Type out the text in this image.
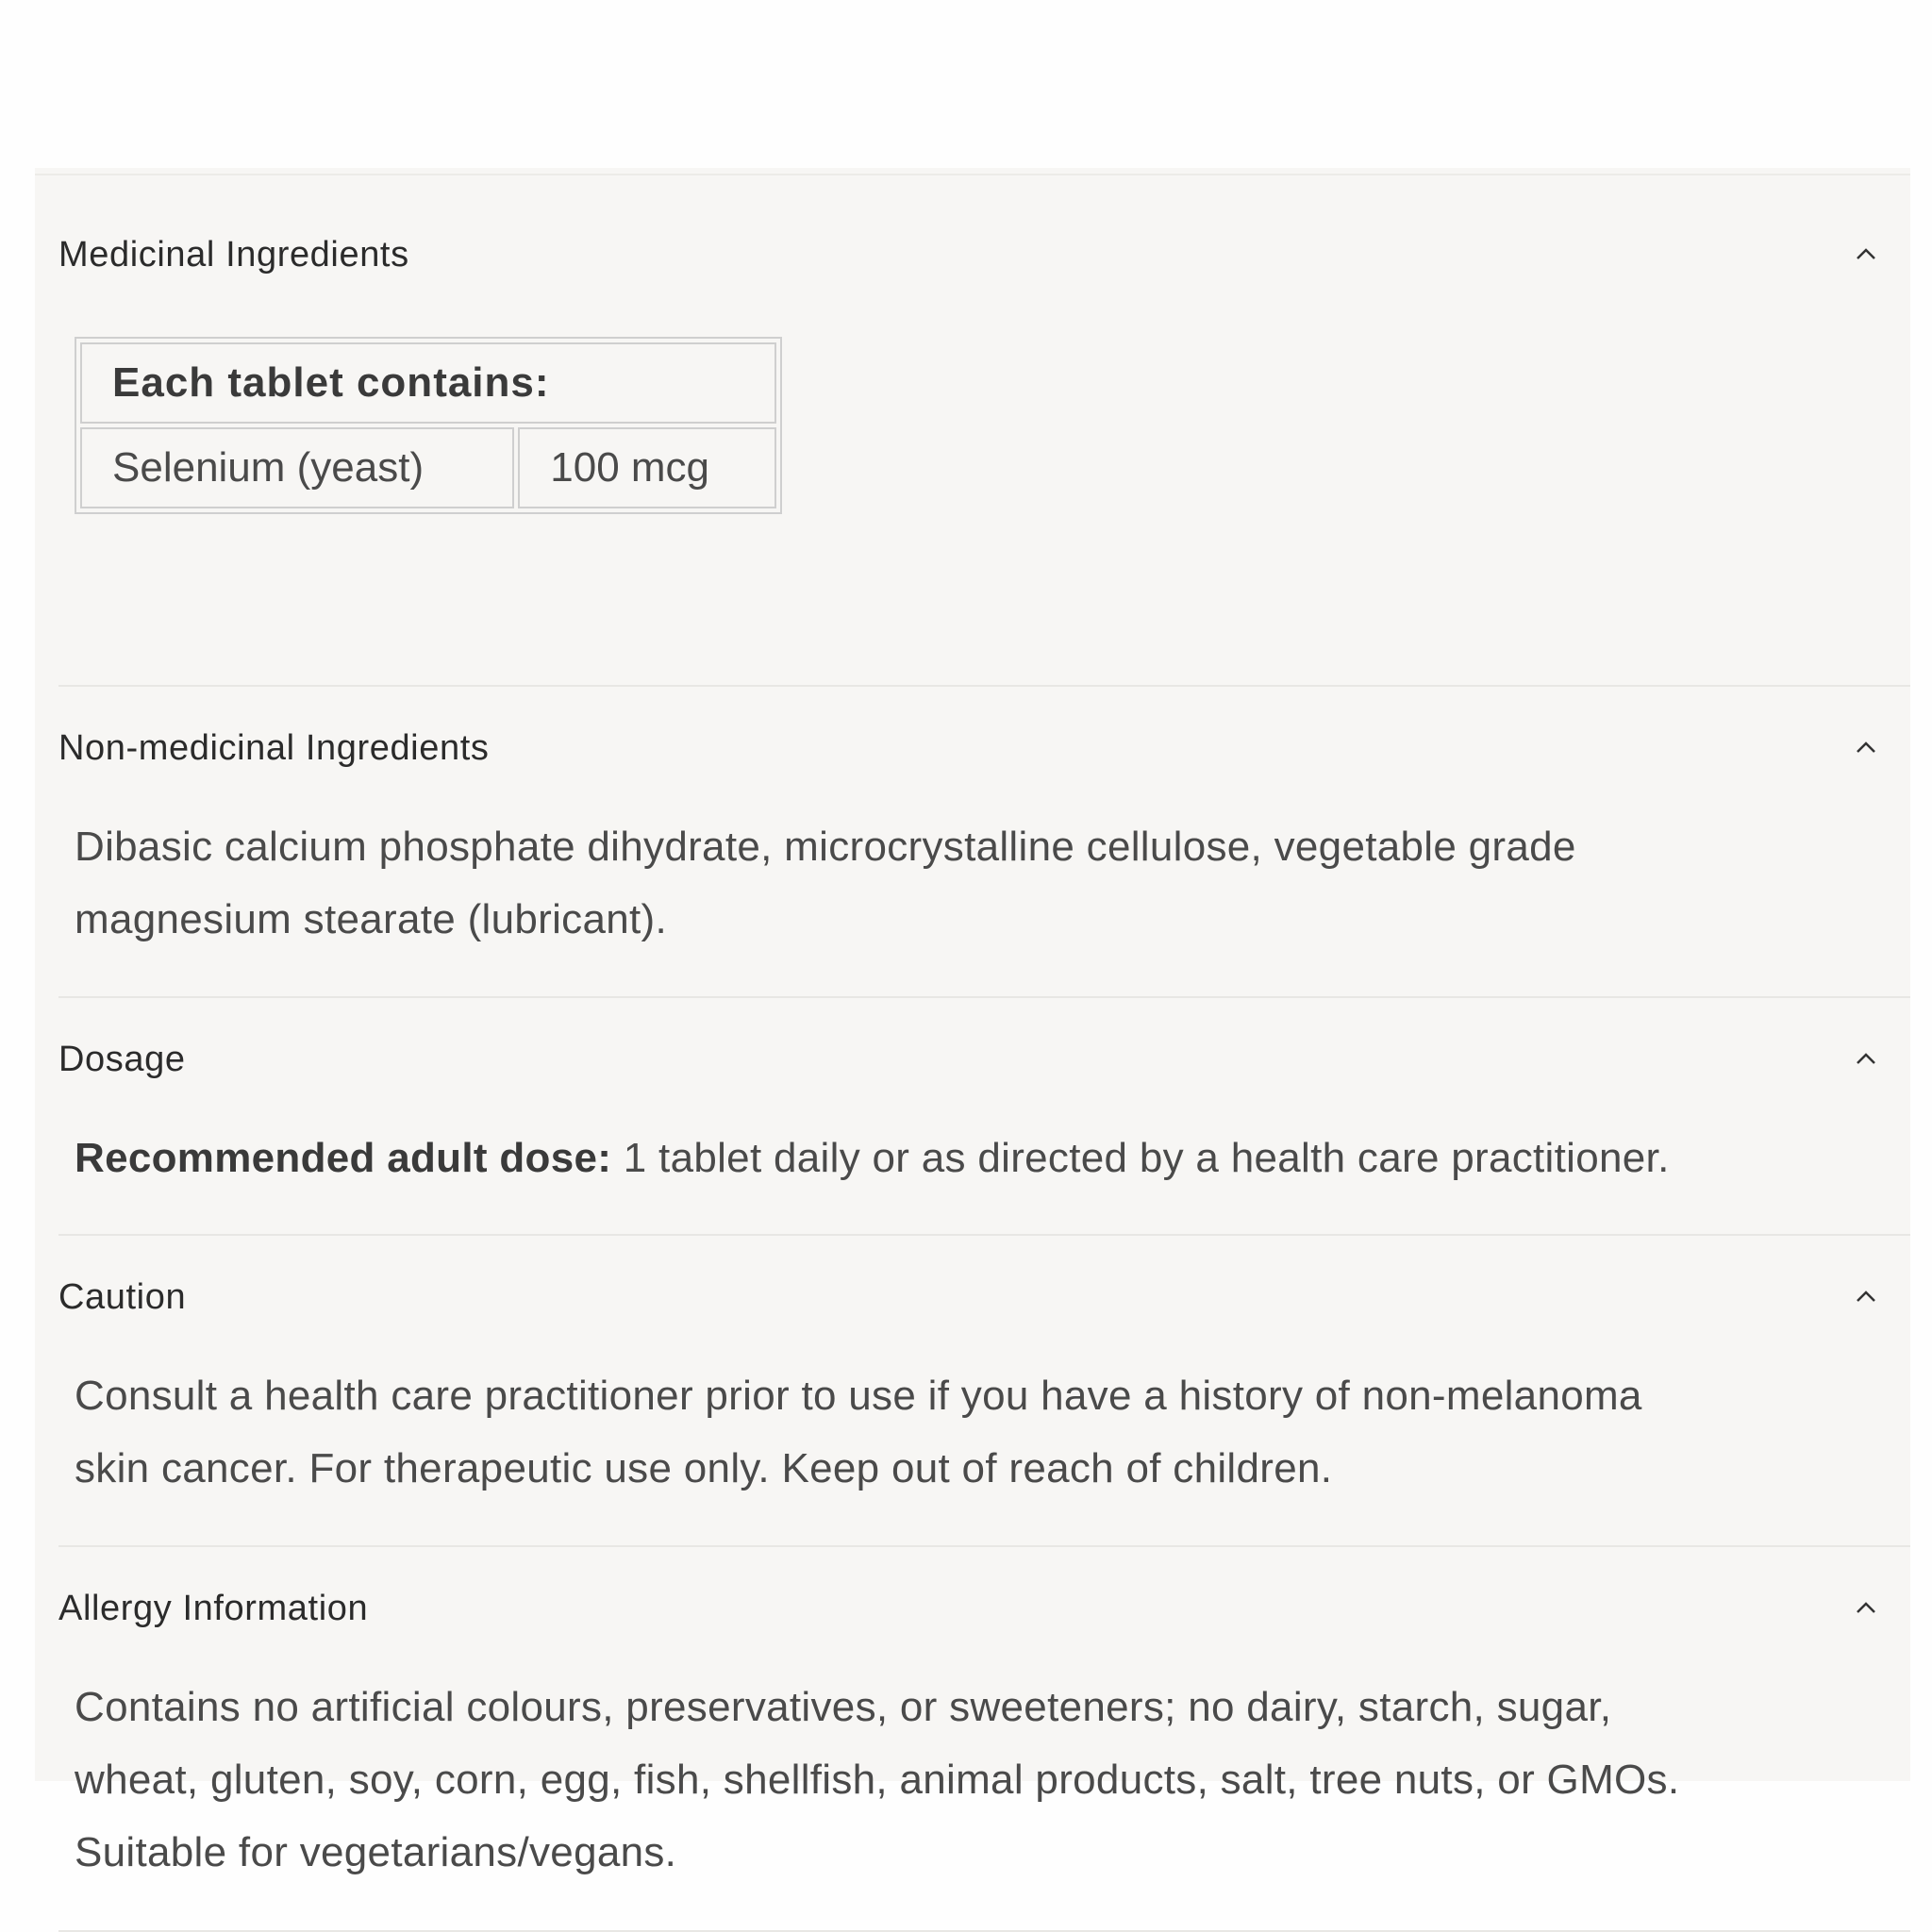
Medicinal Ingredients
Each tablet contains:
Selenium (yeast)	100 mcg
Non-medicinal Ingredients
Dibasic calcium phosphate dihydrate, microcrystalline cellulose, vegetable grade
magnesium stearate (lubricant).
Dosage
Recommended adult dose: 1 tablet daily or as directed by a health care practitioner.
Caution
Consult a health care practitioner prior to use if you have a history of non-melanoma
skin cancer. For therapeutic use only. Keep out of reach of children.
Allergy Information
Contains no artificial colours, preservatives, or sweeteners; no dairy, starch, sugar,
wheat, gluten, soy, corn, egg, fish, shellfish, animal products, salt, tree nuts, or GMOs.
Suitable for vegetarians/vegans.
